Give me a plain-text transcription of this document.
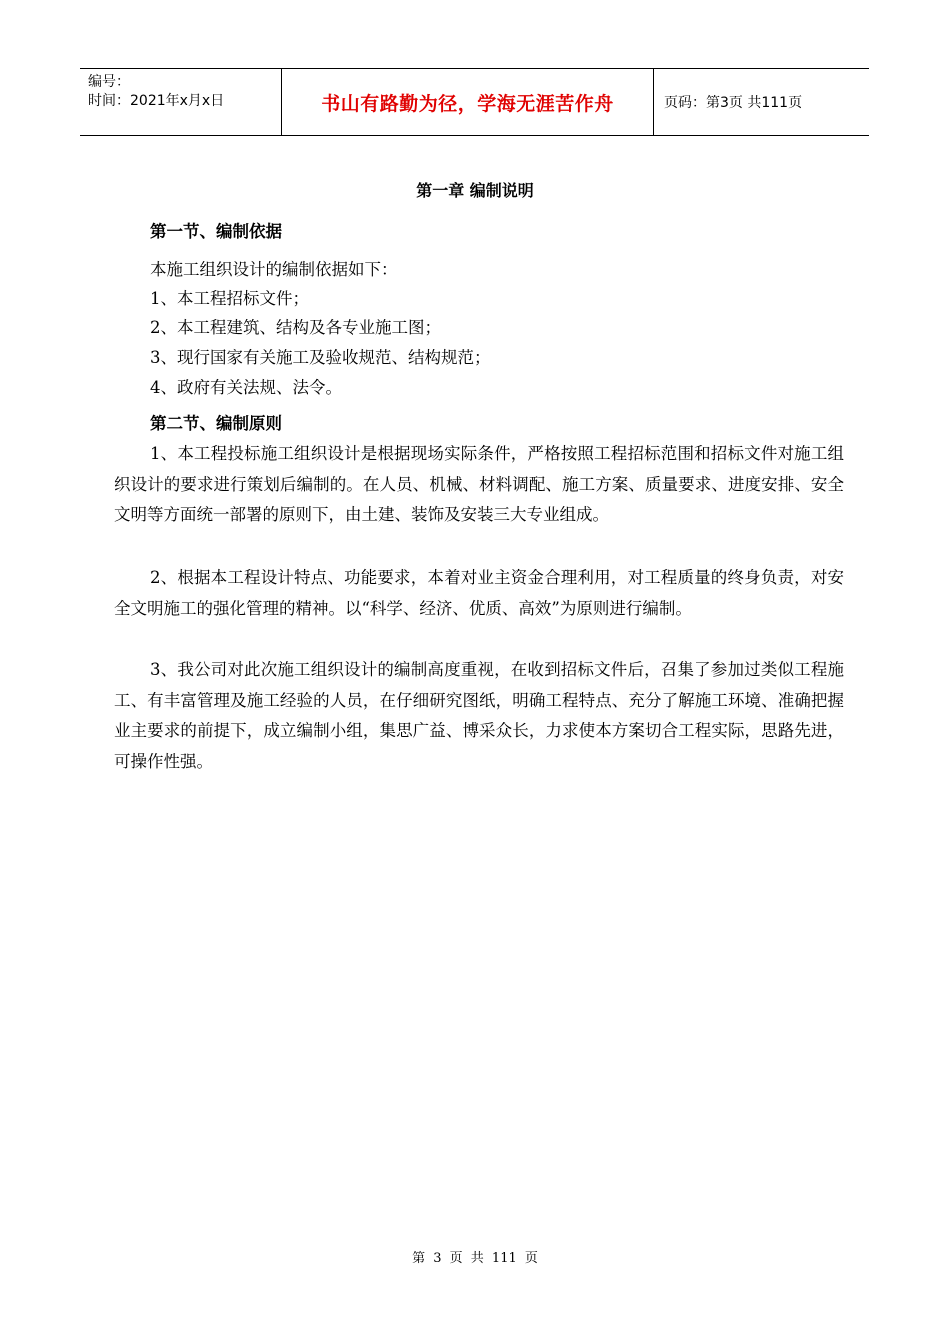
编号：
时间：2021年x月x日	书山有路勤为径，学海无涯苦作舟	页码：第3页 共111页
第一章 编制说明
第一节、编制依据
本施工组织设计的编制依据如下：
1、本工程招标文件；
2、本工程建筑、结构及各专业施工图；
3、现行国家有关施工及验收规范、结构规范；
4、政府有关法规、法令。
第二节、编制原则
1、本工程投标施工组织设计是根据现场实际条件，严格按照工程招标范围和招标文件对施工组织设计的要求进行策划后编制的。在人员、机械、材料调配、施工方案、质量要求、进度安排、安全文明等方面统一部署的原则下，由土建、装饰及安装三大专业组成。
2、根据本工程设计特点、功能要求，本着对业主资金合理利用，对工程质量的终身负责，对安全文明施工的强化管理的精神。以“科学、经济、优质、高效”为原则进行编制。
3、我公司对此次施工组织设计的编制高度重视，在收到招标文件后，召集了参加过类似工程施工、有丰富管理及施工经验的人员，在仔细研究图纸，明确工程特点、充分了解施工环境、准确把握业主要求的前提下，成立编制小组，集思广益、博采众长，力求使本方案切合工程实际，思路先进，可操作性强。
第 3 页 共 111 页
